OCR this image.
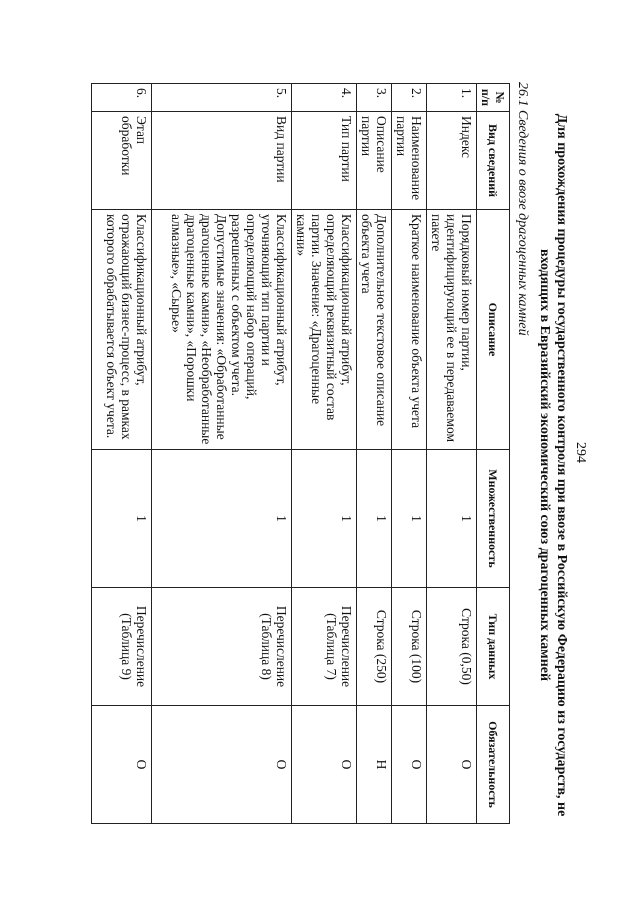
294
Для прохождения процедуры государственного контроля при ввозе в Российскую Федерацию из государств, не входящих в Евразийский экономический союз драгоценных камней
26.1 Сведения о ввозе драгоценных камней
№ п/п	Вид сведений	Описание	Множественность	Тип данных	Обязательность
1.	Индекс	Порядковый номер партии, идентифицирующий ее в передаваемом пакете	1	Строка (0,50)	О
2.	Наименование партии	Краткое наименование объекта учета	1	Строка (100)	О
3.	Описание партии	Дополнительное текстовое описание объекта учета	1	Строка (250)	Н
4.	Тип партии	Классификационный атрибут, определяющий реквизитный состав партии. Значение: «Драгоценные камни»	1	Перечисление (Таблица 7)	О
5.	Вид партии	Классификационный атрибут, уточняющий тип партии и определяющий набор операций, разрешенных с объектом учета. Допустимые значения: «Обработанные драгоценные камни», «Необработанные драгоценные камни», «Порошки алмазные», «Сырье»	1	Перечисление (Таблица 8)	О
6.	Этап обработки	Классификационный атрибут, отражающий бизнес-процесс, в рамках которого обрабатывается объект учета.	1	Перечисление (Таблица 9)	О
